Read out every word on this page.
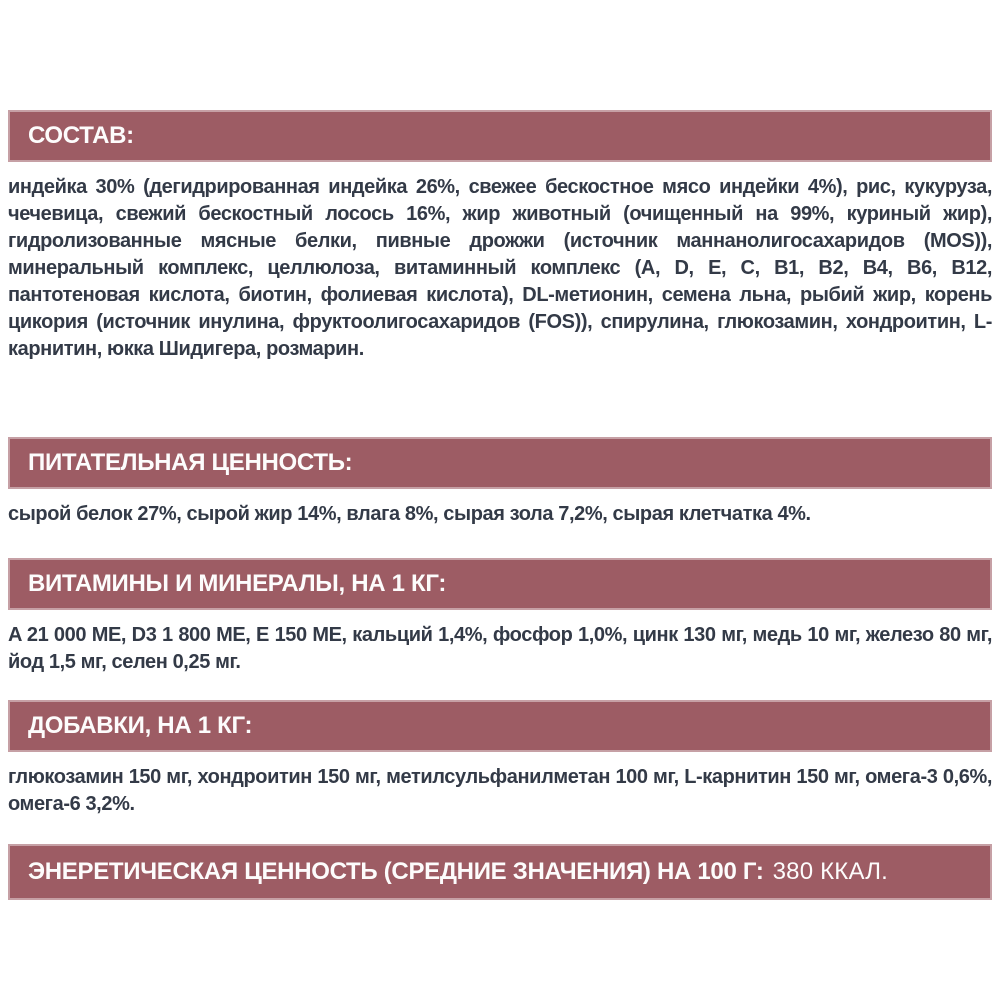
СОСТАВ:

индейка 30% (дегидрированная индейка 26%, свежее бескостное мясо индейки 4%), рис, кукуруза, чечевица, свежий бескостный лосось 16%, жир животный (очищенный на 99%, куриный жир), гидролизованные мясные белки, пивные дрожжи (источник маннанолигосахаридов (MOS)), минеральный комплекс, целлюлоза, витаминный комплекс (A, D, E, C, B1, B2, B4, B6, B12, пантотеновая кислота, биотин, фолиевая кислота), DL-метионин, семена льна, рыбий жир, корень цикория (источник инулина, фруктоолигосахаридов (FOS)), спирулина, глюкозамин, хондроитин, L-карнитин, юкка Шидигера, розмарин.

ПИТАТЕЛЬНАЯ ЦЕННОСТЬ:

сырой белок 27%, сырой жир 14%, влага 8%, сырая зола 7,2%, сырая клетчатка 4%.

ВИТАМИНЫ И МИНЕРАЛЫ, НА 1 КГ:

A 21 000 МЕ, D3 1 800 МЕ, E 150 МЕ, кальций 1,4%, фосфор 1,0%, цинк 130 мг, медь 10 мг, железо 80 мг, йод 1,5 мг, селен 0,25 мг.

ДОБАВКИ, НА 1 КГ:

глюкозамин 150 мг, хондроитин 150 мг, метилсульфанилметан 100 мг, L-карнитин 150 мг, омега-3 0,6%, омега-6 3,2%.

ЭНЕРЕТИЧЕСКАЯ ЦЕННОСТЬ (СРЕДНИЕ ЗНАЧЕНИЯ) НА 100 Г: 380 ККАЛ.
